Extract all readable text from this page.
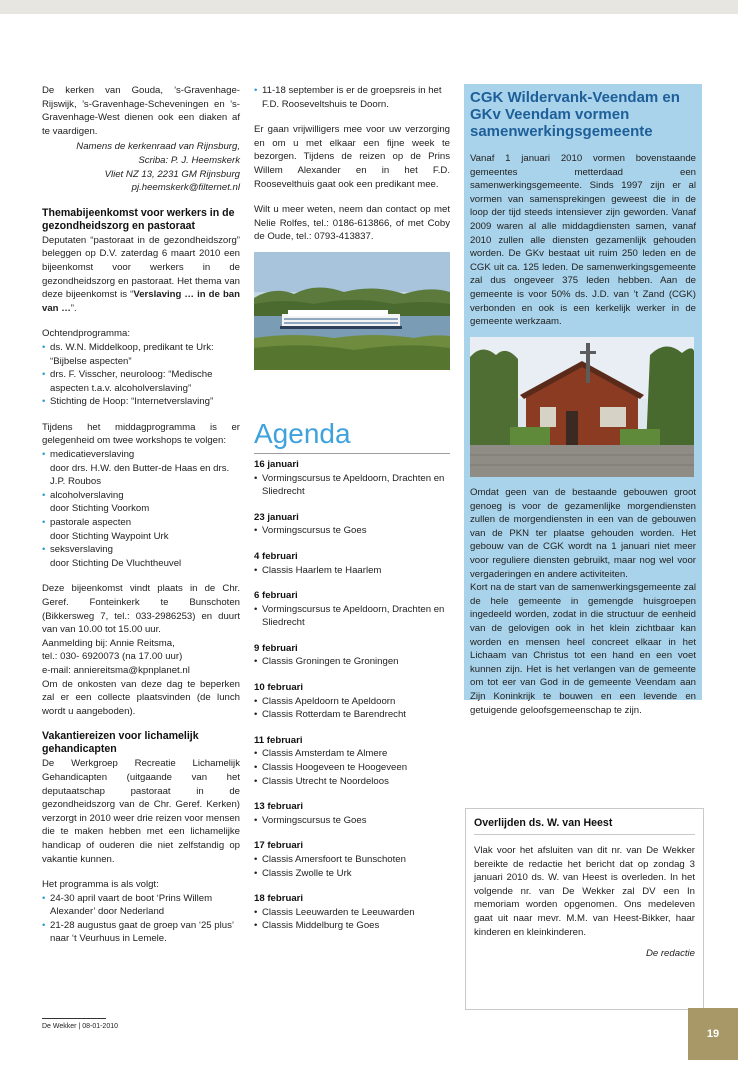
De kerken van Gouda, ’s-Gravenhage-Rijswijk, ’s-Gravenhage-Scheveningen en ’s-Gravenhage-West dienen ook een diaken af te vaardigen.

Namens de kerkenraad van Rijnsburg,
Scriba: P. J. Heemskerk
Vliet NZ 13, 2231 GM Rijnsburg
pj.heemskerk@filternet.nl

Themabijeenkomst voor werkers in de gezondheidszorg en pastoraat

Deputaten “pastoraat in de gezondheidszorg” beleggen op D.V. zaterdag 6 maart 2010 een bijeenkomst voor werkers in de gezondheidszorg en pastoraat. Het thema van deze bijeenkomst is “Verslaving … in de ban van …”.

Ochtendprogramma:
• ds. W.N. Middelkoop, predikant te Urk:
“Bijbelse aspecten”
• drs. F. Visscher, neuroloog: “Medische
aspecten t.a.v. alcoholverslaving”
• Stichting de Hoop: “Internetverslaving”
Tijdens het middagprogramma is er gelegenheid om twee workshops te volgen:
• medicatieverslaving
door drs. H.W. den Butter-de Haas en drs. J.P. Roubos
• alcoholverslaving
door Stichting Voorkom
• pastorale aspecten
door Stichting Waypoint Urk
• seksverslaving
door Stichting De Vluchtheuvel
Deze bijeenkomst vindt plaats in de Chr. Geref. Fonteinkerk te Bunschoten (Bikkersweg 7, tel.: 033-2986253) en duurt van van 10.00 tot 15.00 uur.
Aanmelding bij: Annie Reitsma,
tel.: 030- 6920073 (na 17.00 uur)
e-mail: anniereitsma@kpnplanet.nl
Om de onkosten van deze dag te beperken zal er een collecte plaatsvinden (de lunch wordt u aangeboden).
Vakantiereizen voor lichamelijk gehandicapten

De Werkgroep Recreatie Lichamelijk Gehandicapten (uitgaande van het deputaatschap pastoraat in de gezondheidszorg van de Chr. Geref. Kerken) verzorgt in 2010 weer drie reizen voor mensen die te maken hebben met een lichamelijke handicap of ouderen die niet zelfstandig op vakantie kunnen.

Het programma is als volgt:
• 24-30 april vaart de boot ‘Prins Willem Alexander’ door Nederland
• 21-28 augustus gaat de groep van ‘25 plus’ naar ‘t Veurhuus in Lemele.
• 11-18 september is er de groepsreis in het F.D. Rooseveltshuis te Doorn.

Er gaan vrijwilligers mee voor uw verzorging en om u met elkaar een fijne week te bezorgen. Tijdens de reizen op de Prins Willem Alexander en in het F.D. Roosevelthuis gaat ook een predikant mee.

Wilt u meer weten, neem dan contact op met Nelie Rolfes, tel.: 0186-613866, of met Coby de Oude, tel.: 0793-413837.

Agenda
16 januari
• Vormingscursus te Apeldoorn, Drachten en Sliedrecht
23 januari
• Vormingscursus te Goes
4 februari
• Classis Haarlem te Haarlem
6 februari
• Vormingscursus te Apeldoorn, Drachten en Sliedrecht
9 februari
• Classis Groningen te Groningen
10 februari
• Classis Apeldoorn te Apeldoorn
• Classis Rotterdam te Barendrecht
11 februari
• Classis Amsterdam te Almere
• Classis Hoogeveen te Hoogeveen
• Classis Utrecht te Noordeloos
13 februari
• Vormingscursus te Goes
17 februari
• Classis Amersfoort te Bunschoten
• Classis Zwolle te Urk
18 februari
• Classis Leeuwarden te Leeuwarden
• Classis Middelburg te Goes
CGK Wildervank-Veendam en GKv Veendam vormen samenwerkingsgemeente
Vanaf 1 januari 2010 vormen bovenstaande gemeentes metterdaad een samenwerkingsgemeente. Sinds 1997 zijn er al vormen van samensprekingen geweest die in de loop der tijd steeds intensiever zijn geworden. Vanaf 2009 waren al alle middagdiensten samen, vanaf 2010 zullen alle diensten gezamenlijk gehouden worden. De GKv bestaat uit ruim 250 leden en de CGK uit ca. 125 leden. De samenwerkingsgemeente zal dus ongeveer 375 leden hebben. Aan de gemeente is voor 50% ds. J.D. van ’t Zand (CGK) verbonden en ook is een kerkelijk werker in de gemeente werkzaam.
Omdat geen van de bestaande gebouwen groot genoeg is voor de gezamenlijke morgendiensten zullen de morgendiensten in een van de gebouwen van de PKN ter plaatse gehouden worden. Het gebouw van de CGK wordt na 1 januari niet meer voor reguliere diensten gebruikt, maar nog wel voor vergaderingen en andere activiteiten.
Kort na de start van de samenwerkingsgemeente zal de hele gemeente in gemengde huisgroepen ingedeeld worden, zodat in die structuur de eenheid van de gelovigen ook in het klein zichtbaar kan worden en mensen heel concreet elkaar in het Lichaam van Christus tot een hand en een voet kunnen zijn. Het is het verlangen van de gemeente om tot eer van God in de gemeente Veendam aan Zijn Koninkrijk te bouwen en een levende en getuigende geloofsgemeenschap te zijn.
Overlijden ds. W. van Heest
Vlak voor het afsluiten van dit nr. van De Wekker bereikte de redactie het bericht dat op zondag 3 januari 2010 ds. W. van Heest is overleden. In het volgende nr. van De Wekker zal DV een In memoriam worden opgenomen. Ons medeleven gaat uit naar mevr. M.M. van Heest-Bikker, haar kinderen en kleinkinderen.
De redactie
De Wekker | 08-01-2010
19
